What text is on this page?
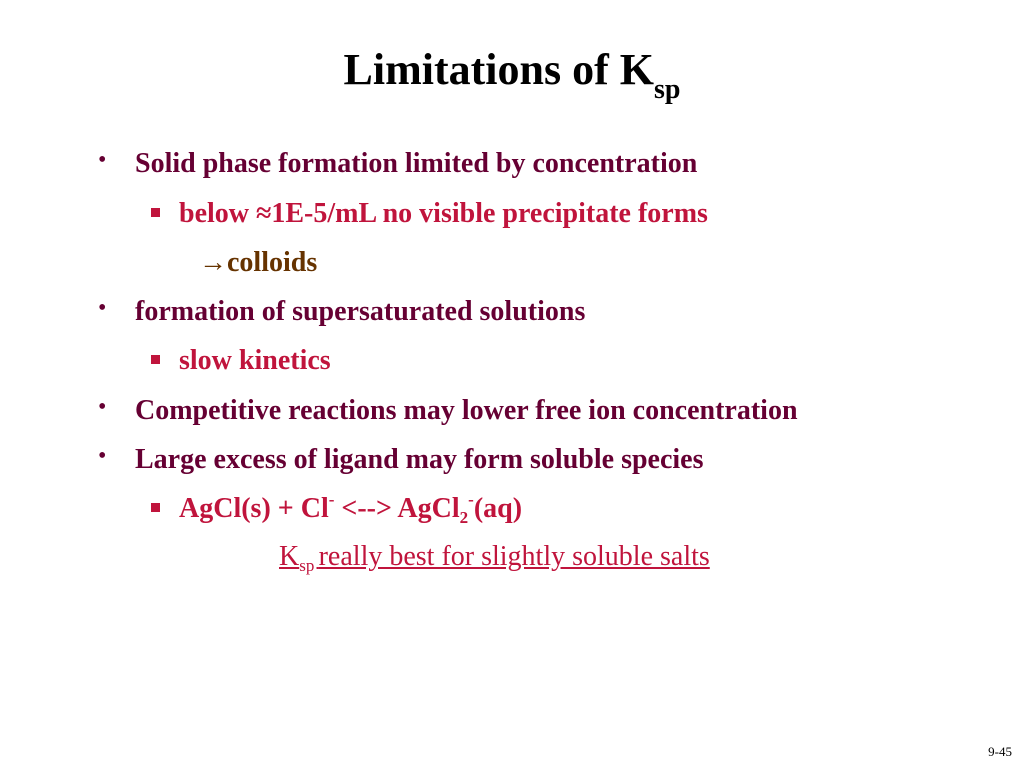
Limitations of $K_{sp}$
• Solid phase formation limited by concentration
below ≈1E-5/mL no visible precipitate forms
→colloids
• formation of supersaturated solutions
slow kinetics
• Competitive reactions may lower free ion concentration
• Large excess of ligand may form soluble species
AgCl(s) + Cl- <--> AgCl$_2$-(aq)
$K_{sp}$ really best for slightly soluble salts
9-45
